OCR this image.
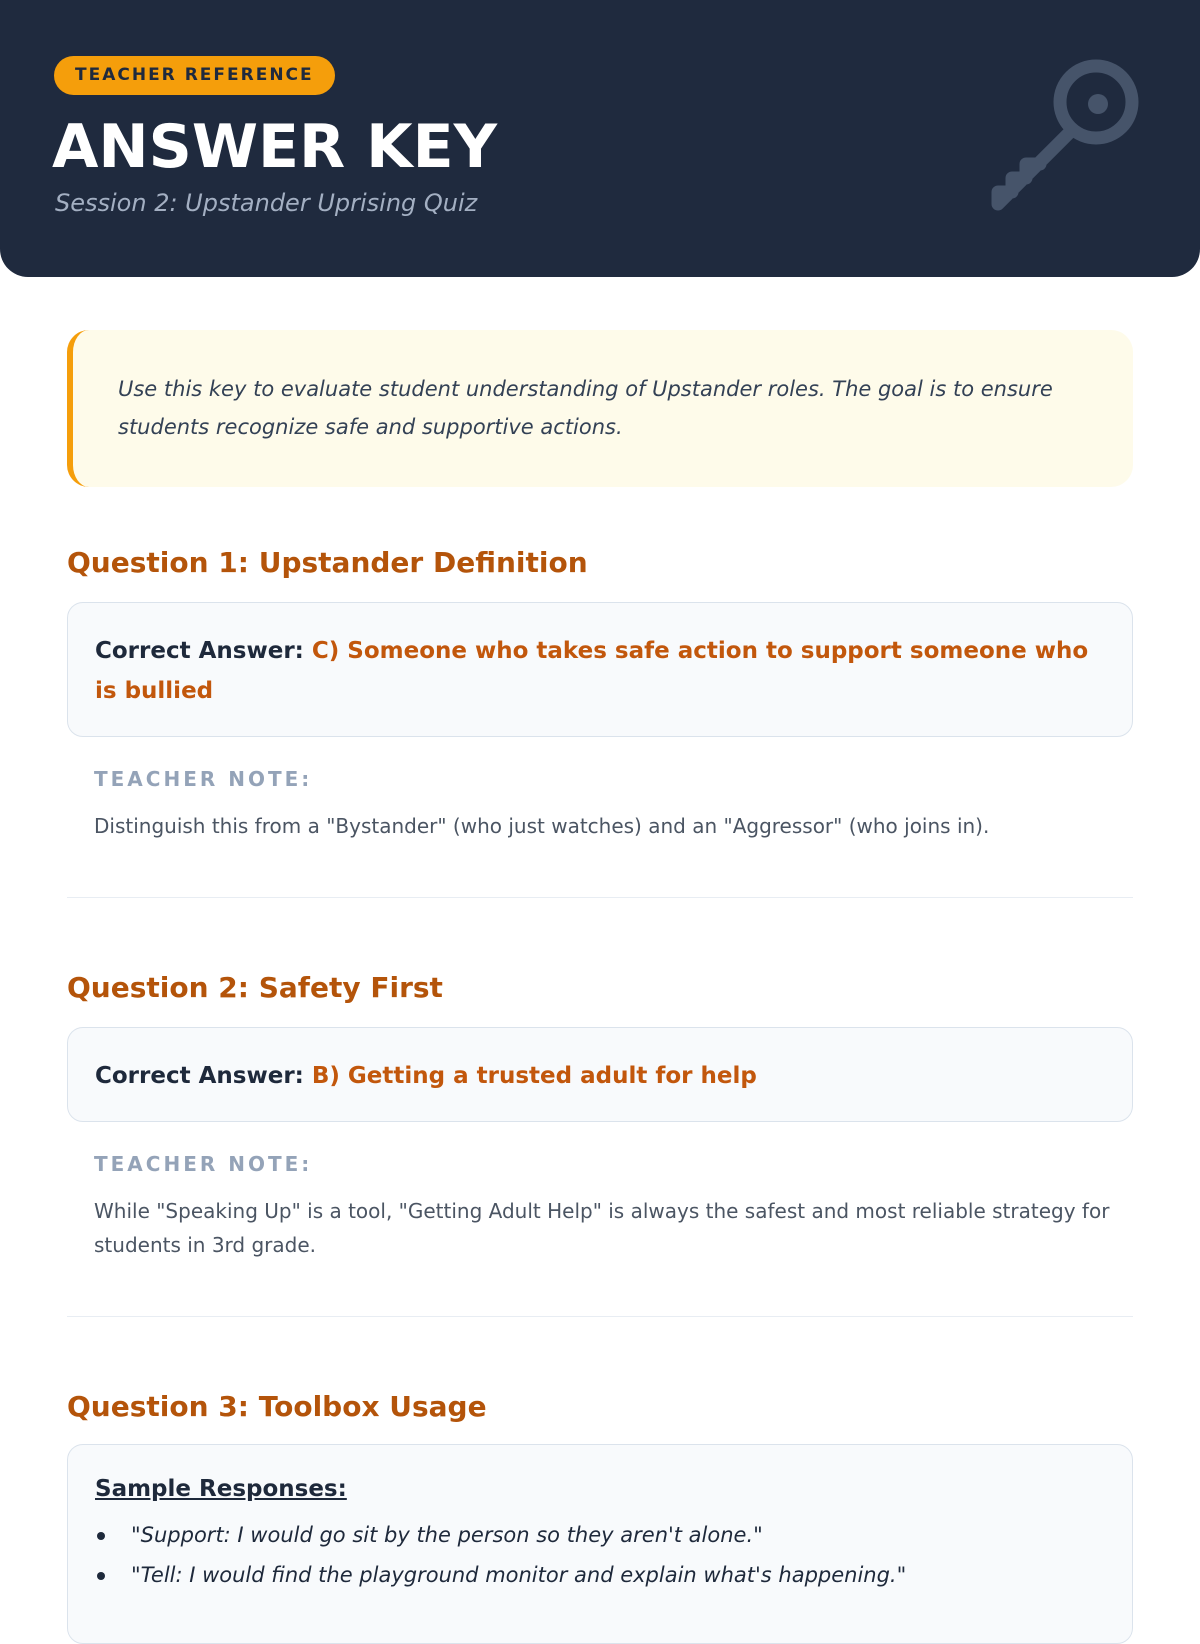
TEACHER REFERENCE
ANSWER KEY
Session 2: Upstander Uprising Quiz
Use this key to evaluate student understanding of Upstander roles. The goal is to ensure students recognize safe and supportive actions.
Question 1: Upstander Definition
Correct Answer: C) Someone who takes safe action to support someone who is bullied
TEACHER NOTE:
Distinguish this from a "Bystander" (who just watches) and an "Aggressor" (who joins in).
Question 2: Safety First
Correct Answer: B) Getting a trusted adult for help
TEACHER NOTE:
While "Speaking Up" is a tool, "Getting Adult Help" is always the safest and most reliable strategy for students in 3rd grade.
Question 3: Toolbox Usage
Sample Responses:
"Support: I would go sit by the person so they aren't alone."
"Tell: I would find the playground monitor and explain what's happening."
